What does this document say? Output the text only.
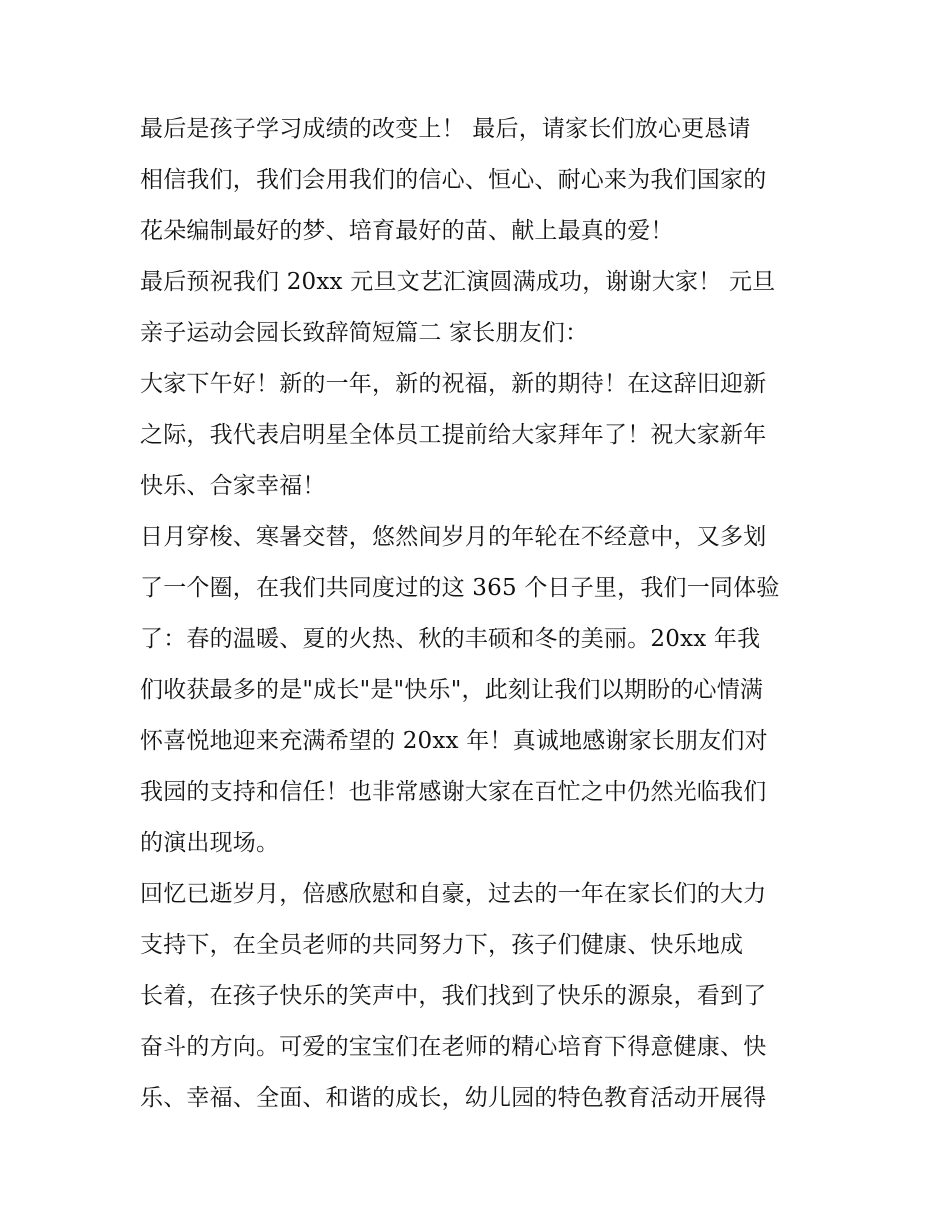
最后是孩子学习成绩的改变上！ 最后，请家长们放心更恳请
相信我们，我们会用我们的信心、恒心、耐心来为我们国家的
花朵编制最好的梦、培育最好的苗、献上最真的爱！
最后预祝我们 20xx 元旦文艺汇演圆满成功，谢谢大家！ 元旦
亲子运动会园长致辞简短篇二 家长朋友们：
大家下午好！新的一年，新的祝福，新的期待！在这辞旧迎新
之际，我代表启明星全体员工提前给大家拜年了！祝大家新年
快乐、合家幸福！
日月穿梭、寒暑交替，悠然间岁月的年轮在不经意中，又多划
了一个圈，在我们共同度过的这 365 个日子里，我们一同体验
了：春的温暖、夏的火热、秋的丰硕和冬的美丽。20xx 年我
们收获最多的是"成长"是"快乐"，此刻让我们以期盼的心情满
怀喜悦地迎来充满希望的 20xx 年！真诚地感谢家长朋友们对
我园的支持和信任！也非常感谢大家在百忙之中仍然光临我们
的演出现场。
回忆已逝岁月，倍感欣慰和自豪，过去的一年在家长们的大力
支持下，在全员老师的共同努力下，孩子们健康、快乐地成
长着，在孩子快乐的笑声中，我们找到了快乐的源泉，看到了
奋斗的方向。可爱的宝宝们在老师的精心培育下得意健康、快
乐、幸福、全面、和谐的成长，幼儿园的特色教育活动开展得
